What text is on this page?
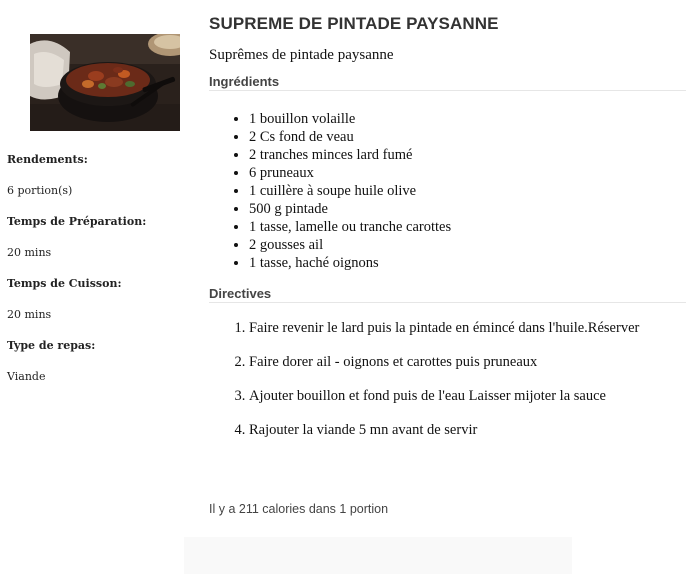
Rendements:

6 portion(s)

Temps de Préparation:

20 mins

Temps de Cuisson:

20 mins

Type de repas:

Viande

SUPREME DE PINTADE PAYSANNE

Suprêmes de pintade paysanne

Ingrédients
• 1 bouillon volaille
• 2 Cs fond de veau
• 2 tranches minces lard fumé
• 6 pruneaux
• 1 cuillère à soupe huile olive
• 500 g pintade
• 1 tasse, lamelle ou tranche carottes
• 2 gousses ail
• 1 tasse, haché oignons
Directives
1. Faire revenir le lard puis la pintade en émincé dans l'huile.Réserver
2. Faire dorer ail - oignons et carottes puis pruneaux
3. Ajouter bouillon et fond puis de l'eau Laisser mijoter la sauce
4. Rajouter la viande 5 mn avant de servir

Il y a 211 calories dans 1 portion
